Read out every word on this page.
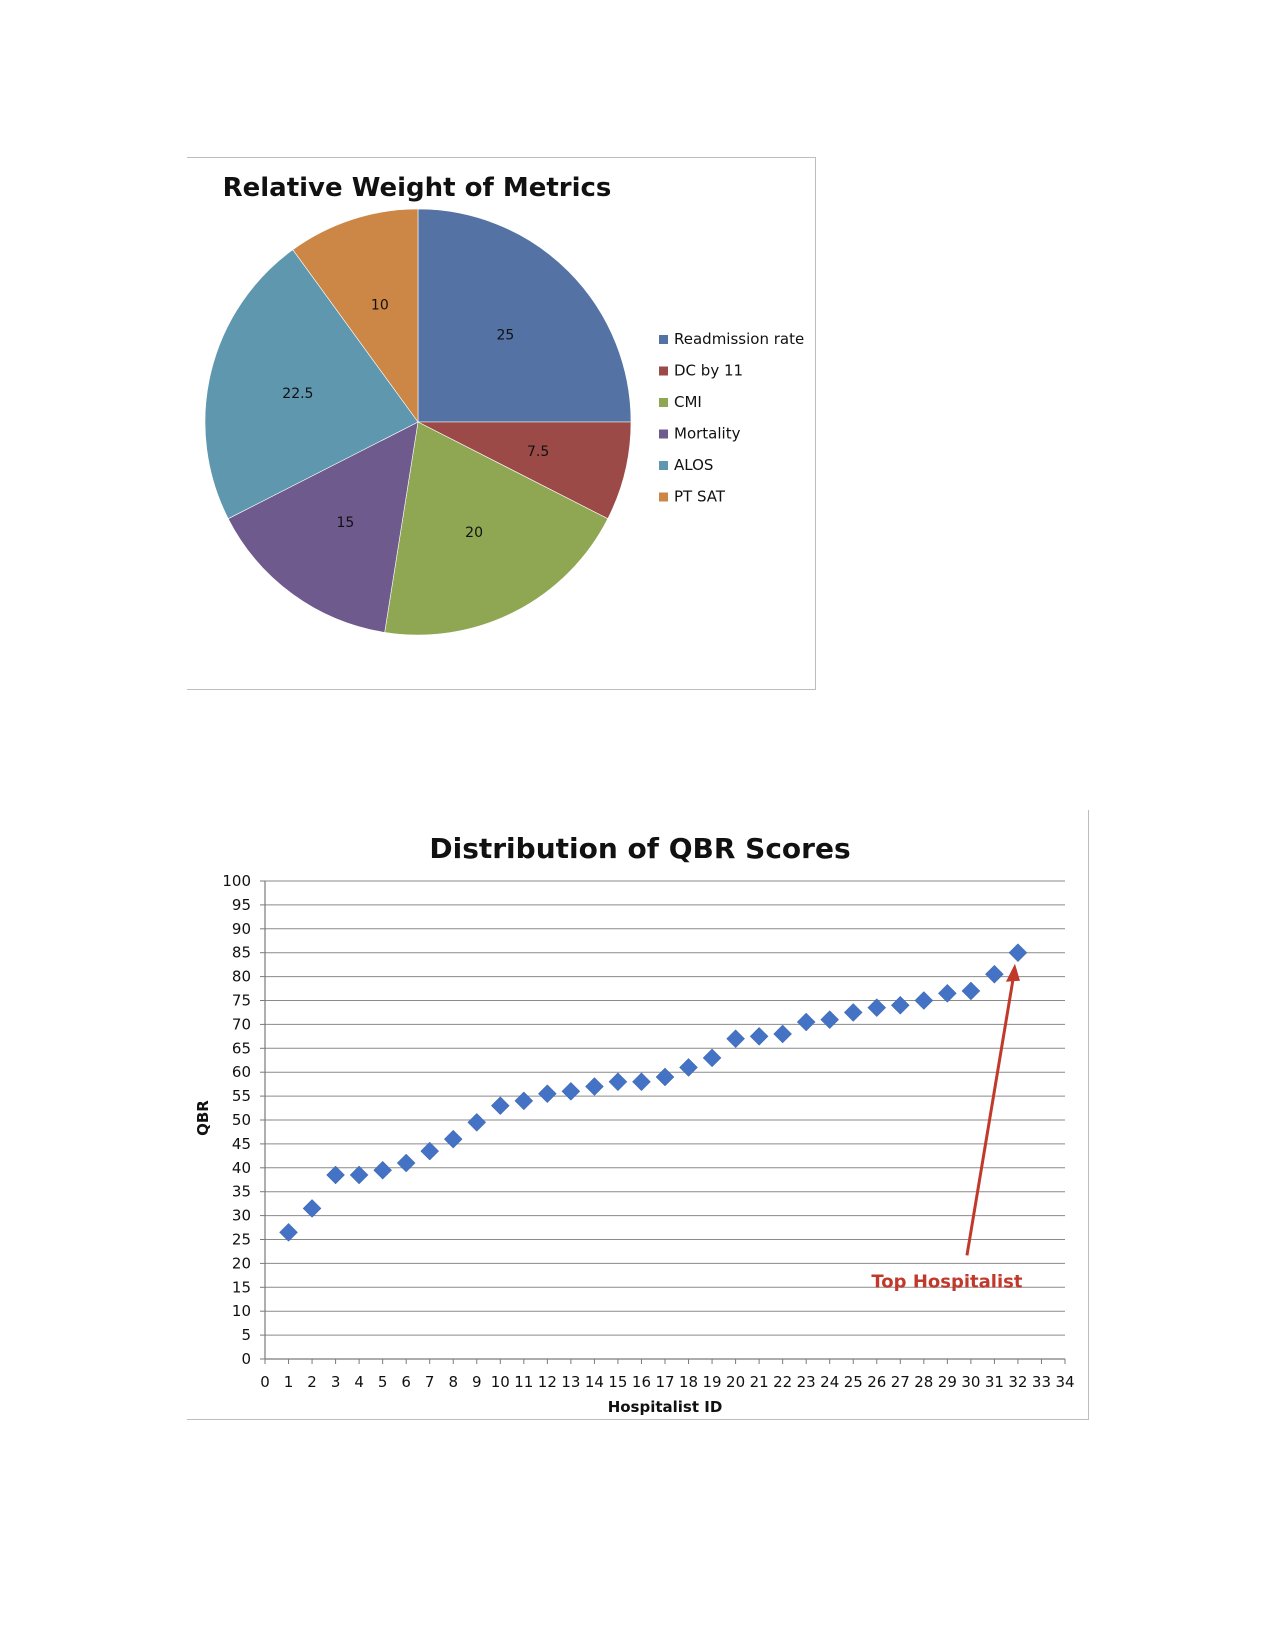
Relative Weight of Metrics
25
7.5
20
15
22.5
10
Readmission rate
DC by 11
CMI
Mortality
ALOS
PT SAT
Distribution of QBR Scores
0
5
10
15
20
25
30
35
40
45
50
55
60
65
70
75
80
85
90
95
100
0 1 2 3 4 5 6 7 8 9 10 11 12 13 14 15 16 17 18 19 20 21 22 23 24 25 26 27 28 29 30 31 32 33 34
Hospitalist ID
QBR
Top Hospitalist
